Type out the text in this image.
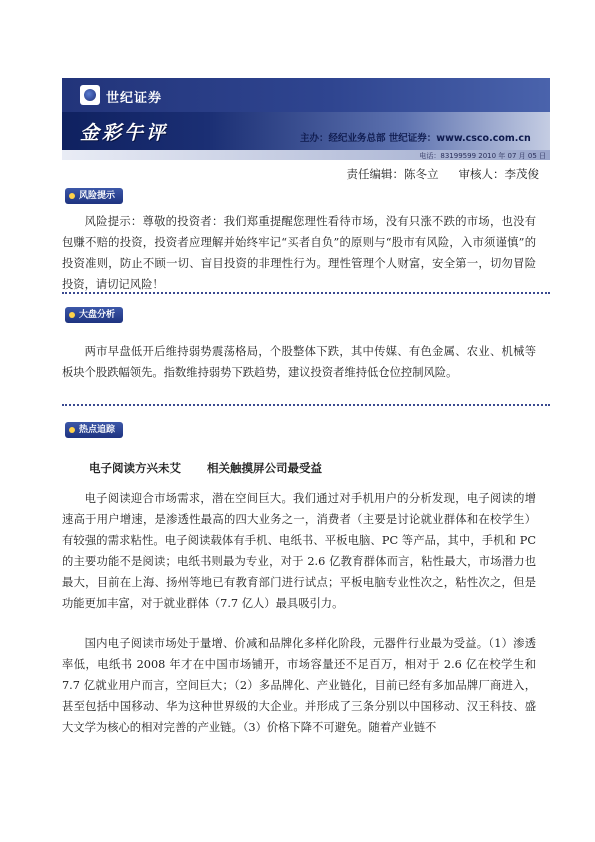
世纪证券
金彩午评	主办：经纪业务总部 世纪证券：www.csco.com.cn
电话：83199599 2010 年 07 月 05 日
责任编辑：陈冬立 审核人：李茂俊
风险提示

风险提示：尊敬的投资者：我们郑重提醒您理性看待市场，没有只涨不跌的市场，也没有包赚不赔的投资，投资者应理解并始终牢记“买者自负”的原则与“股市有风险，入市须谨慎”的投资准则，防止不顾一切、盲目投资的非理性行为。理性管理个人财富，安全第一，切勿冒险投资，请切记风险！

大盘分析

两市早盘低开后维持弱势震荡格局，个股整体下跌，其中传媒、有色金属、农业、机械等板块个股跌幅领先。指数维持弱势下跌趋势，建议投资者维持低仓位控制风险。

热点追踪
电子阅读方兴未艾 相关触摸屏公司最受益

电子阅读迎合市场需求，潜在空间巨大。我们通过对手机用户的分析发现，电子阅读的增速高于用户增速，是渗透性最高的四大业务之一，消费者（主要是讨论就业群体和在校学生）有较强的需求粘性。电子阅读载体有手机、电纸书、平板电脑、PC 等产品，其中，手机和 PC 的主要功能不是阅读；电纸书则最为专业，对于 2.6 亿教育群体而言，粘性最大，市场潜力也最大，目前在上海、扬州等地已有教育部门进行试点；平板电脑专业性次之，粘性次之，但是功能更加丰富，对于就业群体（7.7 亿人）最具吸引力。

国内电子阅读市场处于量增、价减和品牌化多样化阶段，元器件行业最为受益。（1）渗透率低，电纸书 2008 年才在中国市场铺开，市场容量还不足百万，相对于 2.6 亿在校学生和 7.7 亿就业用户而言，空间巨大；（2）多品牌化、产业链化，目前已经有多加品牌厂商进入，甚至包括中国移动、华为这种世界级的大企业。并形成了三条分别以中国移动、汉王科技、盛大文学为核心的相对完善的产业链。（3）价格下降不可避免。随着产业链不
